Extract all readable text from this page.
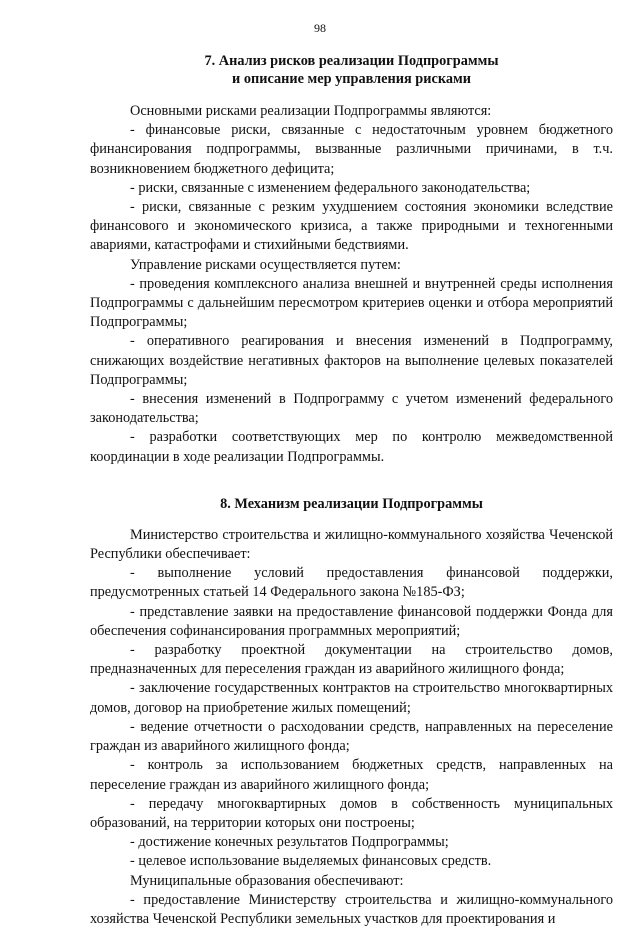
98
7. Анализ рисков реализации Подпрограммы
и описание мер управления рисками

Основными рисками реализации Подпрограммы являются:

- финансовые риски, связанные с недостаточным уровнем бюджетного финансирования подпрограммы, вызванные различными причинами, в т.ч. возникновением бюджетного дефицита;

- риски, связанные с изменением федерального законодательства;

- риски, связанные с резким ухудшением состояния экономики вследствие финансового и экономического кризиса, а также природными и техногенными авариями, катастрофами и стихийными бедствиями.

Управление рисками осуществляется путем:

- проведения комплексного анализа внешней и внутренней среды исполнения Подпрограммы с дальнейшим пересмотром критериев оценки и отбора мероприятий Подпрограммы;

- оперативного реагирования и внесения изменений в Подпрограмму, снижающих воздействие негативных факторов на выполнение целевых показателей Подпрограммы;

- внесения изменений в Подпрограмму с учетом изменений федерального законодательства;

- разработки соответствующих мер по контролю межведомственной координации в ходе реализации Подпрограммы.

8. Механизм реализации Подпрограммы

Министерство строительства и жилищно-коммунального хозяйства Чеченской Республики обеспечивает:

- выполнение условий предоставления финансовой поддержки, предусмотренных статьей 14 Федерального закона №185-ФЗ;

- представление заявки на предоставление финансовой поддержки Фонда для обеспечения софинансирования программных мероприятий;

- разработку проектной документации на строительство домов, предназначенных для переселения граждан из аварийного жилищного фонда;

- заключение государственных контрактов на строительство многоквартирных домов, договор на приобретение жилых помещений;

- ведение отчетности о расходовании средств, направленных на переселение граждан из аварийного жилищного фонда;

- контроль за использованием бюджетных средств, направленных на переселение граждан из аварийного жилищного фонда;

- передачу многоквартирных домов в собственность муниципальных образований, на территории которых они построены;

- достижение конечных результатов Подпрограммы;

- целевое использование выделяемых финансовых средств.

Муниципальные образования обеспечивают:

- предоставление Министерству строительства и жилищно-коммунального хозяйства Чеченской Республики земельных участков для проектирования и
